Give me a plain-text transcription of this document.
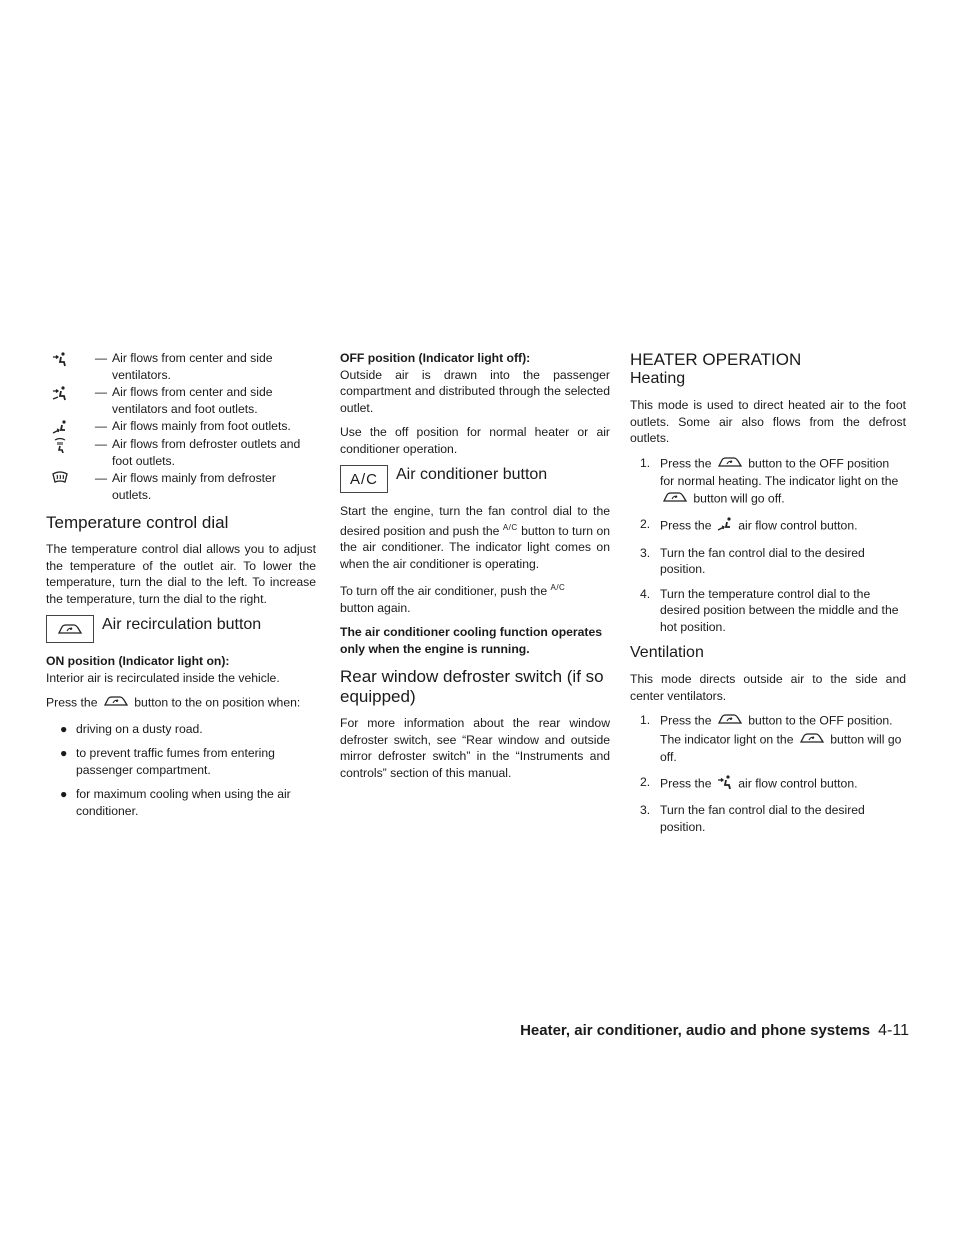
— Air flows from center and side ventilators.
— Air flows from center and side ventilators and foot outlets.
— Air flows mainly from foot outlets.
— Air flows from defroster outlets and foot outlets.
— Air flows mainly from defroster outlets.
Temperature control dial

The temperature control dial allows you to adjust the temperature of the outlet air. To lower the temperature, turn the dial to the left. To increase the temperature, turn the dial to the right.

Air recirculation button

ON position (Indicator light on):

Interior air is recirculated inside the vehicle.

Press the	button to the on position when:

● driving on a dusty road.
● to prevent traffic fumes from entering passenger compartment.
● for maximum cooling when using the air conditioner.

OFF position (Indicator light off):

Outside air is drawn into the passenger compartment and distributed through the selected outlet.

Use the off position for normal heater or air conditioner operation.

A/C	Air conditioner button

Start the engine, turn the fan control dial to the desired position and push the $^{A/C}$ button to turn on the air conditioner. The indicator light comes on when the air conditioner is operating.

To turn off the air conditioner, push the $^{A/C}$
button again.

The air conditioner cooling function operates only when the engine is running.

Rear window defroster switch (if so equipped)

For more information about the rear window defroster switch, see “Rear window and outside mirror defroster switch” in the “Instruments and controls” section of this manual.

HEATER OPERATION
Heating

This mode is used to direct heated air to the foot outlets. Some air also flows from the defrost outlets.

1. Press the	button to the OFF position for normal heating. The indicator light on the  button will go off.
2. Press the air flow control button.
3. Turn the fan control dial to the desired position.
4. Turn the temperature control dial to the desired position between the middle and the hot position.
Ventilation

This mode directs outside air to the side and center ventilators.

1. Press the	button to the OFF position. The indicator light on the	button will go off.
2. Press the air flow control button.
3. Turn the fan control dial to the desired position.
Heater, air conditioner, audio and phone systems 4-11
